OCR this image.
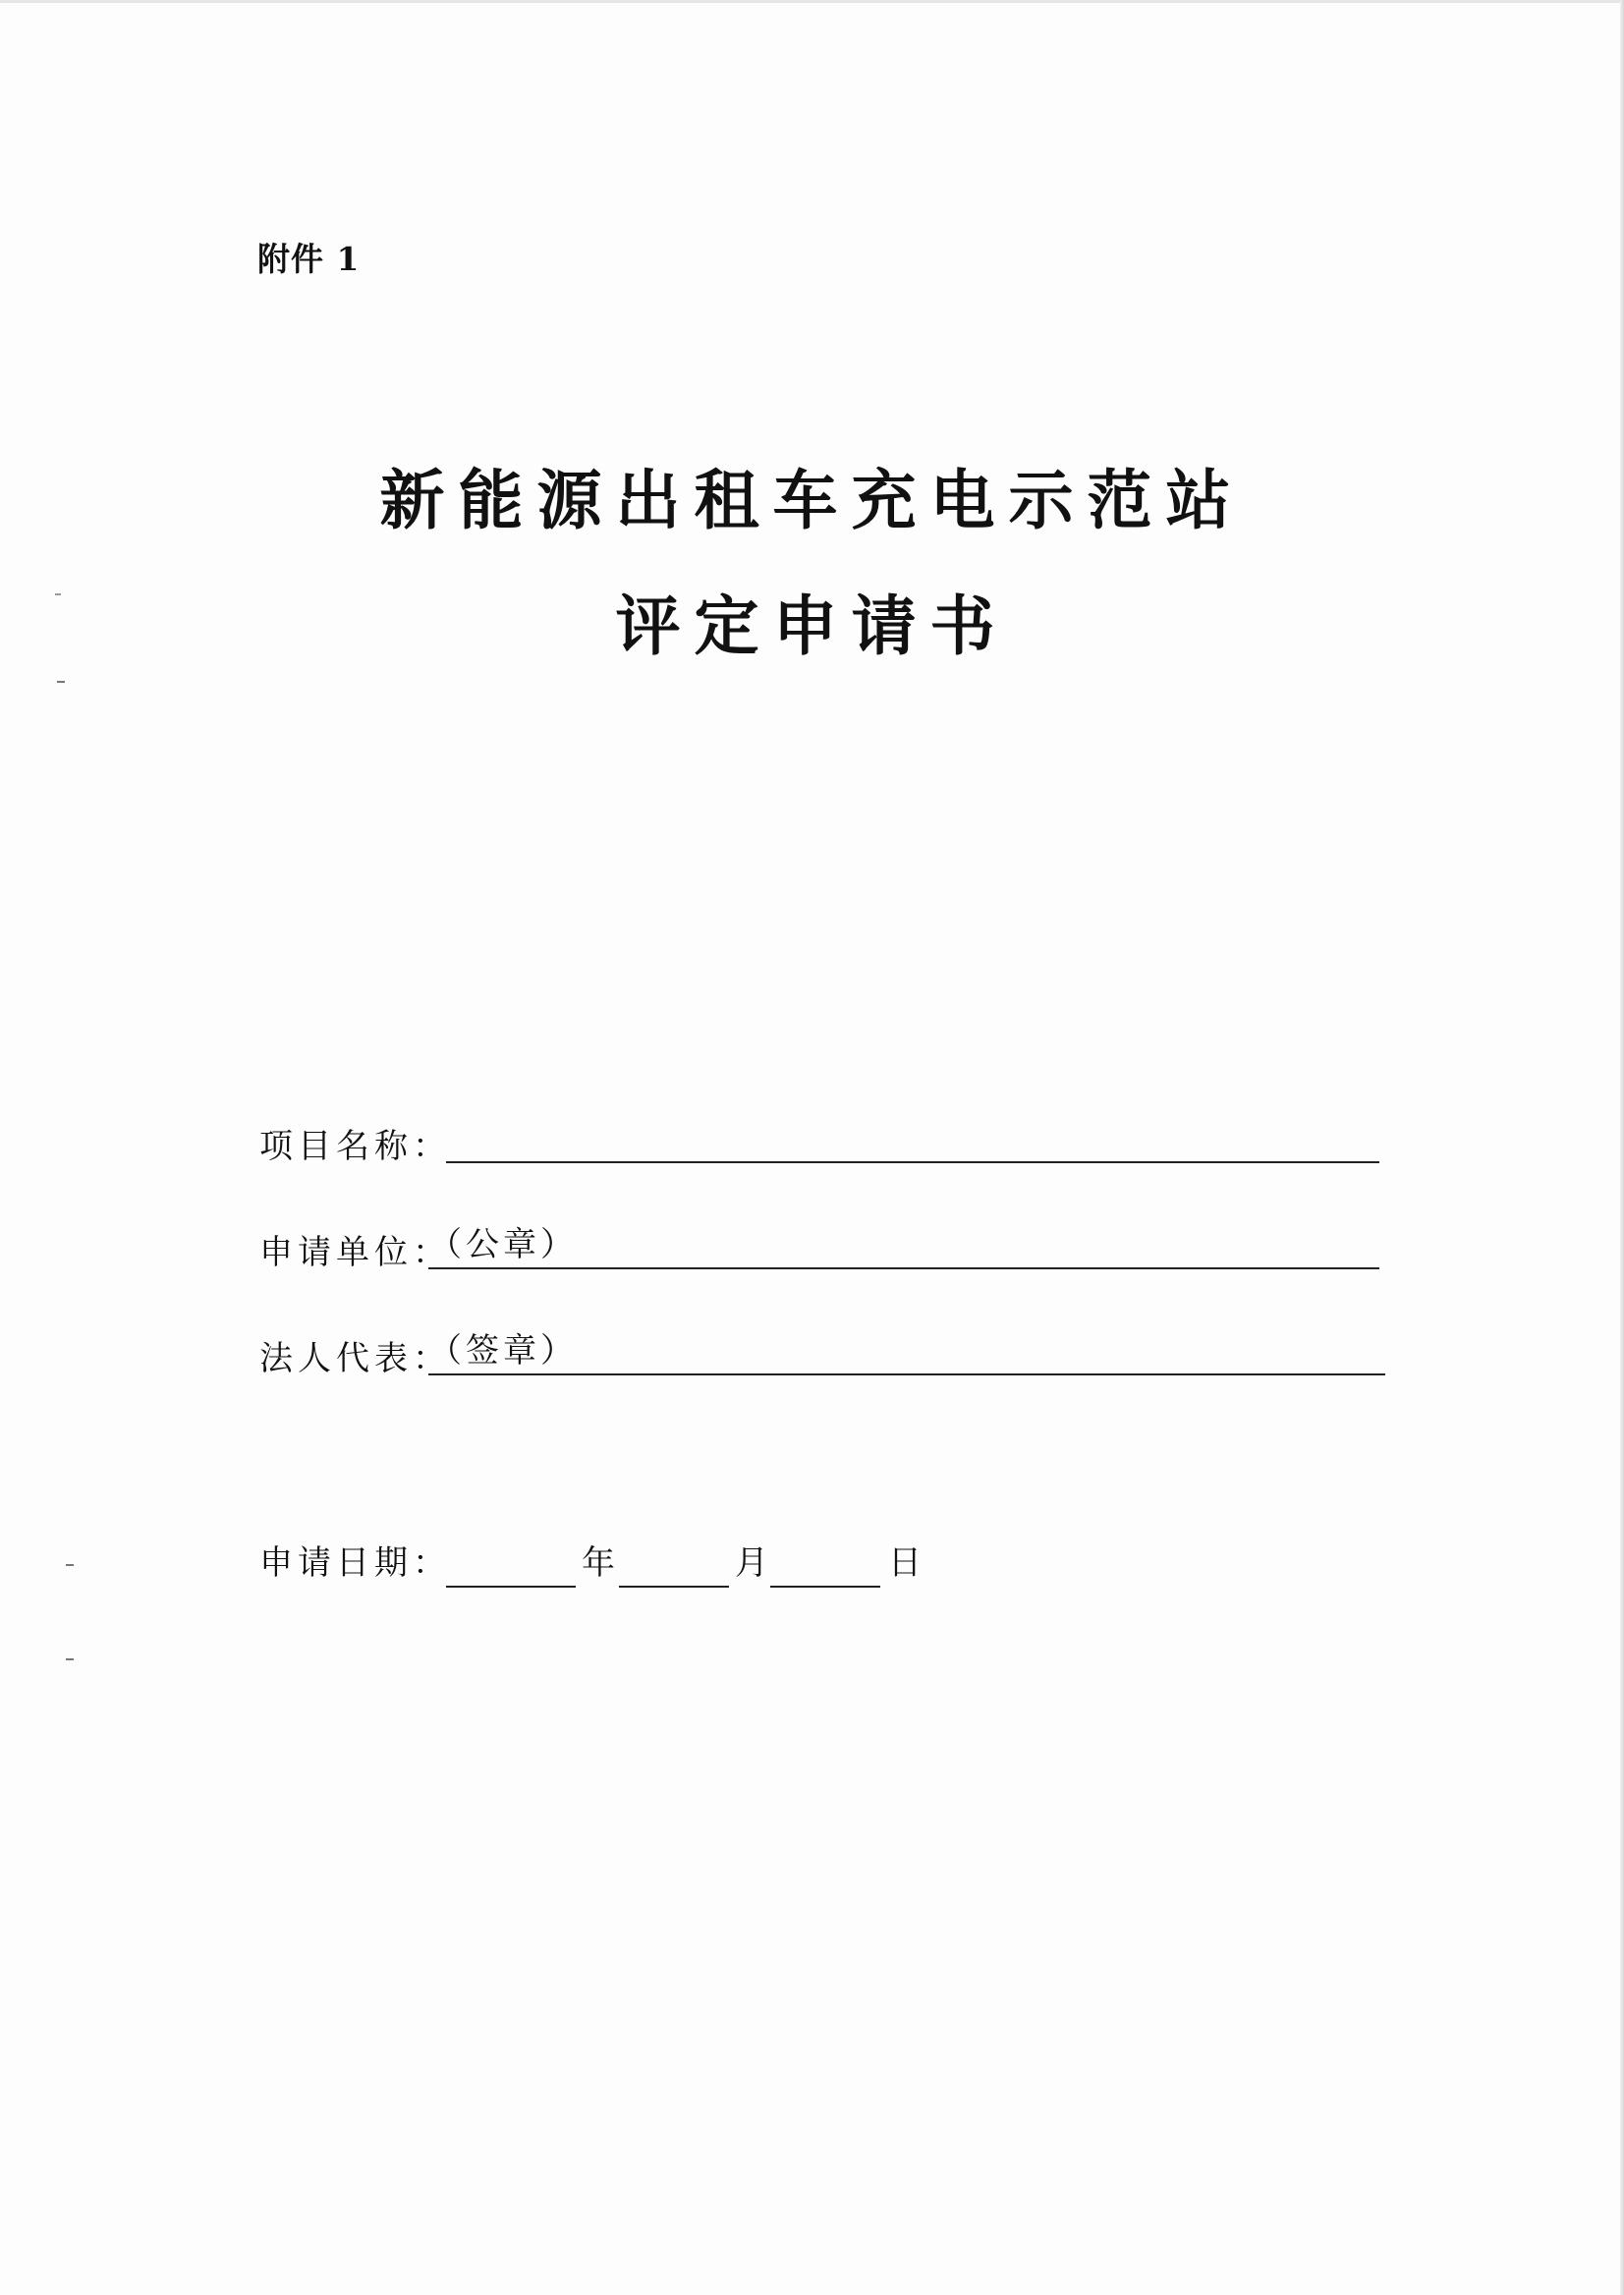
附件 1
新能源出租车充电示范站
评定申请书
项目名称：
申请单位：
（公章）
法人代表：
（签章）
申请日期：	年	月	日
